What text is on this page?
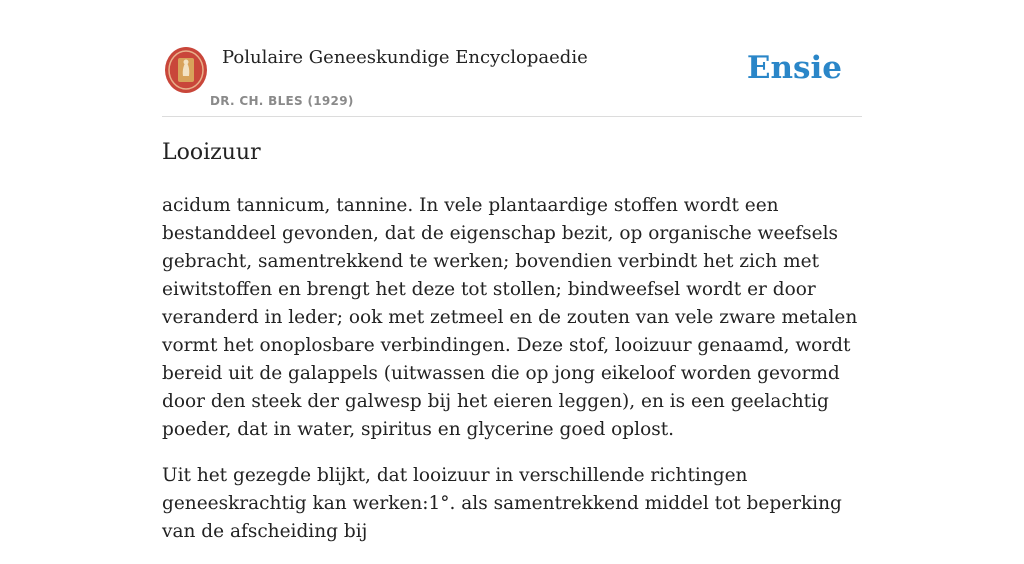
Polulaire Geneeskundige Encyclopaedie
DR. CH. BLES (1929)
Ensie
Looizuur

acidum tannicum, tannine. In vele plantaardige stoffen wordt een bestanddeel gevonden, dat de eigenschap bezit, op organische weefsels gebracht, samentrekkend te werken; bovendien verbindt het zich met eiwitstoffen en brengt het deze tot stollen; bindweefsel wordt er door veranderd in leder; ook met zetmeel en de zouten van vele zware metalen vormt het onoplosbare verbindingen. Deze stof, looizuur genaamd, wordt bereid uit de galappels (uitwassen die op jong eikeloof worden gevormd door den steek der galwesp bij het eieren leggen), en is een geelachtig poeder, dat in water, spiritus en glycerine goed oplost.

Uit het gezegde blijkt, dat looizuur in verschillende richtingen geneeskrachtig kan werken:1°. als samentrekkend middel tot beperking van de afscheiding bij
